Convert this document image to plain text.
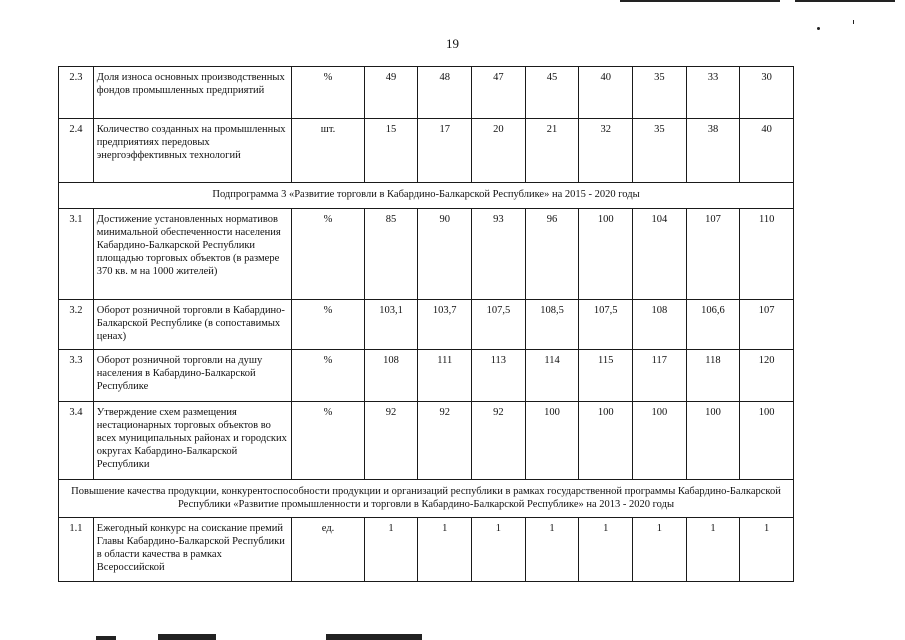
19
2.3	Доля износа основных производственных фондов промышленных предприятий	%	49	48	47	45	40	35	33	30
2.4	Количество созданных на промышленных предприятиях передовых энергоэффективных технологий	шт.	15	17	20	21	32	35	38	40
Подпрограмма 3 «Развитие торговли в Кабардино-Балкарской Республике» на 2015 - 2020 годы										
3.1	Достижение установленных нормативов минимальной обеспеченности населения Кабардино-Балкарской Республики площадью торговых объектов (в размере 370 кв. м на 1000 жителей)	%	85	90	93	96	100	104	107	110
3.2	Оборот розничной торговли в Кабардино-Балкарской Республике (в сопоставимых ценах)	%	103,1	103,7	107,5	108,5	107,5	108	106,6	107
3.3	Оборот розничной торговли на душу населения в Кабардино-Балкарской Республике	%	108	111	113	114	115	117	118	120
3.4	Утверждение схем размещения нестационарных торговых объектов во всех муниципальных районах и городских округах Кабардино-Балкарской Республики	%	92	92	92	100	100	100	100	100
Повышение качества продукции, конкурентоспособности продукции и организаций республики в рамках государственной программы Кабардино-Балкарской Республики «Развитие промышленности и торговли в Кабардино-Балкарской Республике» на 2013 - 2020 годы										
1.1	Ежегодный конкурс на соискание премий Главы Кабардино-Балкарской Республики в области качества в рамках Всероссийской	ед.	1	1	1	1	1	1	1	1
